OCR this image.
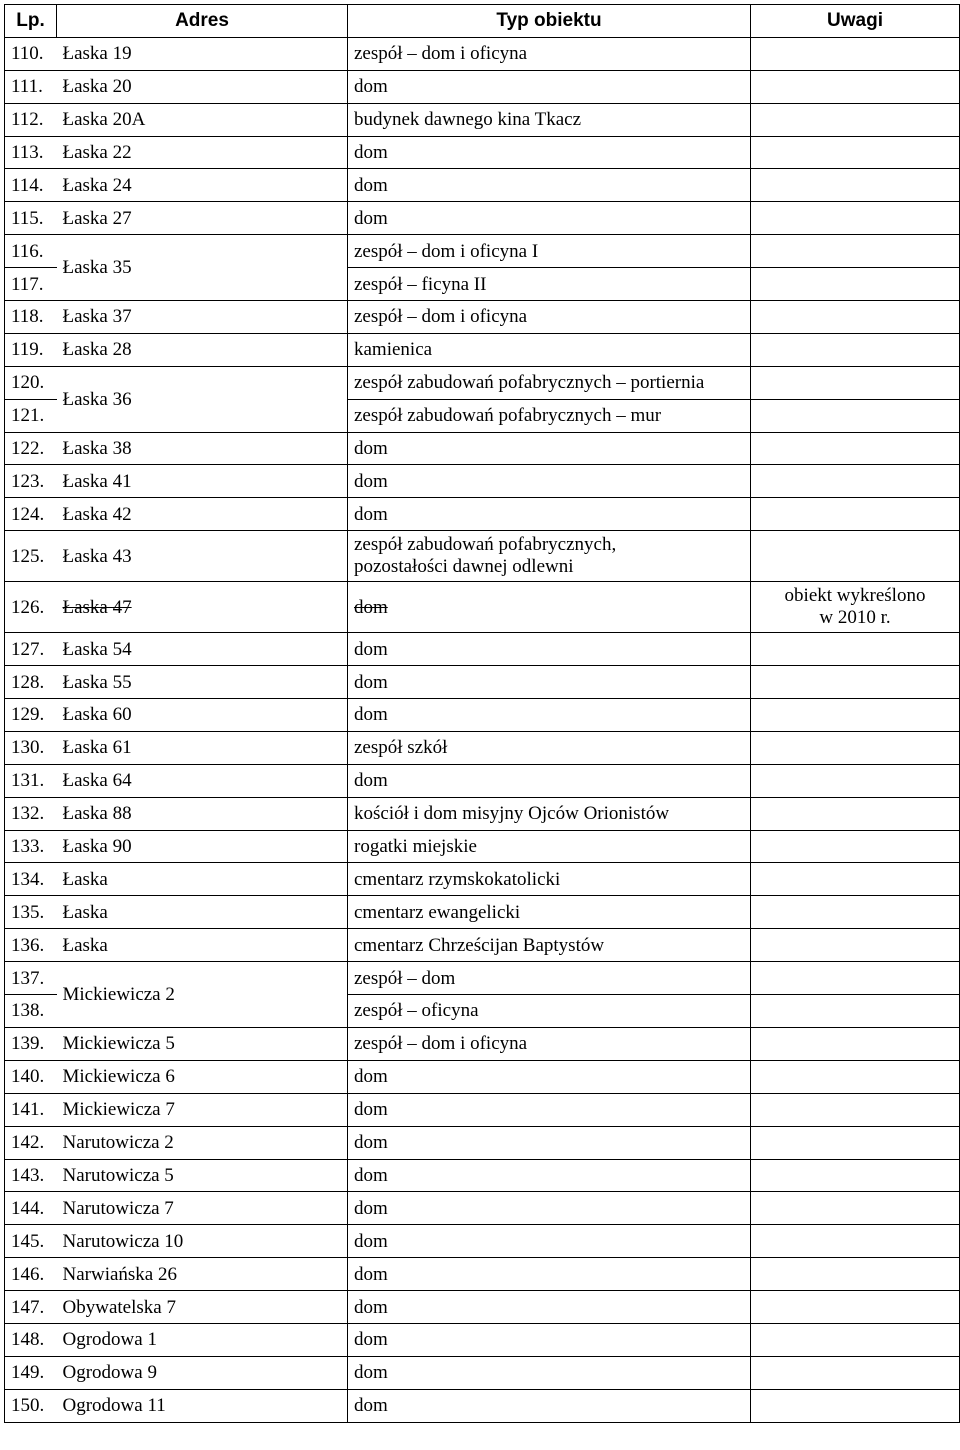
Lp.	Adres	Typ obiektu	Uwagi
110.	Łaska 19	zespół – dom i oficyna	
111.	Łaska 20	dom	
112.	Łaska 20A	budynek dawnego kina Tkacz	
113.	Łaska 22	dom	
114.	Łaska 24	dom	
115.	Łaska 27	dom	
116.	Łaska 35	zespół – dom i oficyna I	
117.		zespół – ficyna II	
118.	Łaska 37	zespół – dom i oficyna	
119.	Łaska 28	kamienica	
120.	Łaska 36	zespół zabudowań pofabrycznych – portiernia	
121.		zespół zabudowań pofabrycznych – mur	
122.	Łaska 38	dom	
123.	Łaska 41	dom	
124.	Łaska 42	dom	
125.	Łaska 43	zespół zabudowań pofabrycznych,
pozostałości dawnej odlewni	
126.	Łaska 47	dom	obiekt wykreślono
w 2010 r.
127.	Łaska 54	dom	
128.	Łaska 55	dom	
129.	Łaska 60	dom	
130.	Łaska 61	zespół szkół	
131.	Łaska 64	dom	
132.	Łaska 88	kościół i dom misyjny Ojców Orionistów	
133.	Łaska 90	rogatki miejskie	
134.	Łaska	cmentarz rzymskokatolicki	
135.	Łaska	cmentarz ewangelicki	
136.	Łaska	cmentarz Chrześcijan Baptystów	
137.	Mickiewicza 2	zespół – dom	
138.		zespół – oficyna	
139.	Mickiewicza 5	zespół – dom i oficyna	
140.	Mickiewicza 6	dom	
141.	Mickiewicza 7	dom	
142.	Narutowicza 2	dom	
143.	Narutowicza 5	dom	
144.	Narutowicza 7	dom	
145.	Narutowicza 10	dom	
146.	Narwiańska 26	dom	
147.	Obywatelska 7	dom	
148.	Ogrodowa 1	dom	
149.	Ogrodowa 9	dom	
150.	Ogrodowa 11	dom	
